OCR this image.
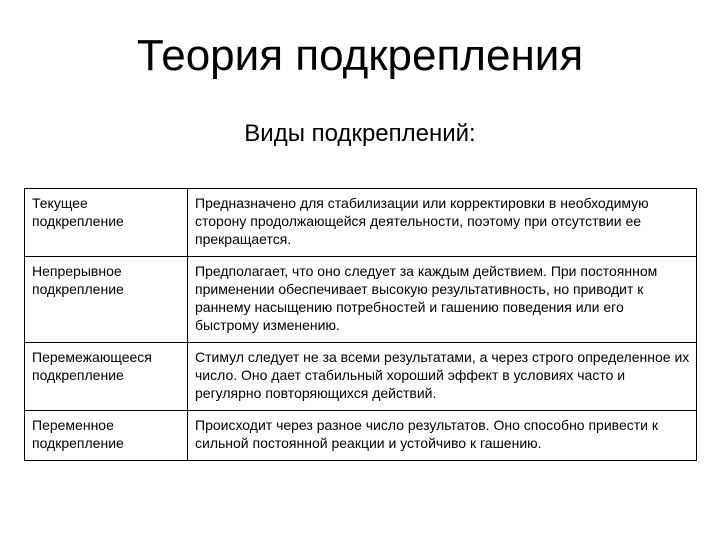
Теория подкрепления
Виды подкреплений:
Текущее подкрепление	Предназначено для стабилизации или корректировки в необходимую сторону продолжающейся деятельности, поэтому при отсутствии ее прекращается.
Непрерывное подкрепление	Предполагает, что оно следует за каждым действием. При постоянном применении обеспечивает высокую результативность, но приводит к раннему насыщению потребностей и гашению поведения или его быстрому изменению.
Перемежающееся подкрепление	Стимул следует не за всеми результатами, а через строго определенное их число. Оно дает стабильный хороший эффект в условиях часто и регулярно повторяющихся действий.
Переменное подкрепление	Происходит через разное число результатов. Оно способно привести к сильной постоянной реакции и устойчиво к гашению.
